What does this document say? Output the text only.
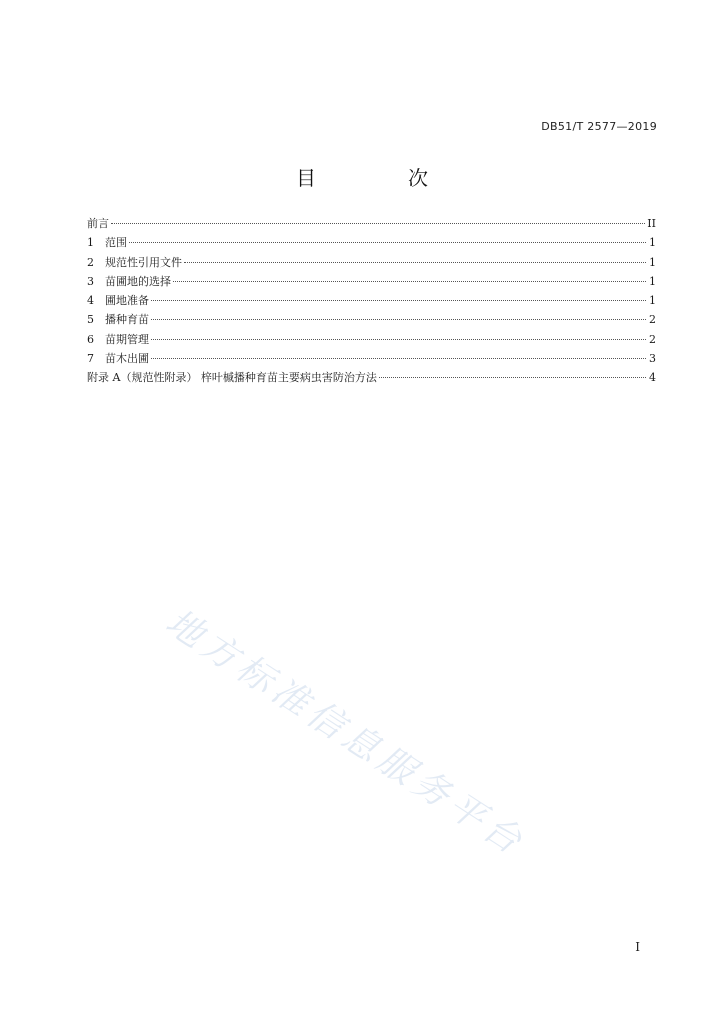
DB51/T 2577—2019
目　次
前言	II
1	范围	1
2	规范性引用文件	1
3	苗圃地的选择	1
4	圃地准备	1
5	播种育苗	2
6	苗期管理	2
7	苗木出圃	3
附录 A（规范性附录） 梓叶槭播种育苗主要病虫害防治方法	4
地方标准信息服务平台
I
